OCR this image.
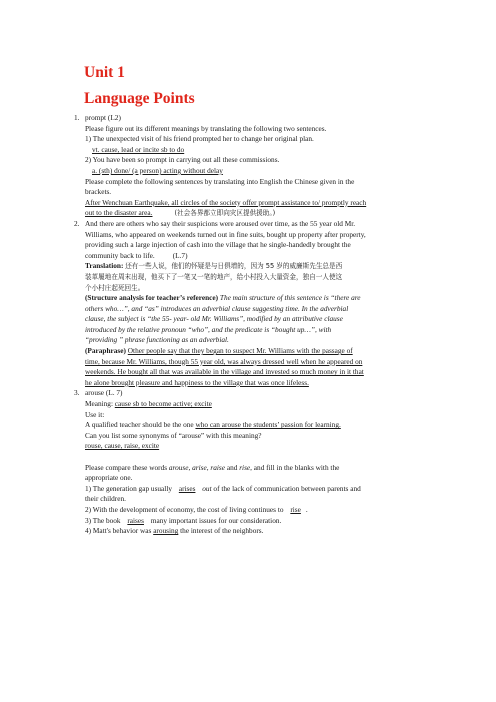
Unit 1
Language Points
1. prompt (L2)
Please figure out its different meanings by translating the following two sentences.
1) The unexpected visit of his friend prompted her to change her original plan.
vt. cause, lead or incite sb to do
2) You have been so prompt in carrying out all these commissions.
a. (sth) done/ (a person) acting without delay
Please complete the following sentences by translating into English the Chinese given in the
brackets.
After Wenchuan Earthquake, all circles of the society offer prompt assistance to/ promptly reach
out to the disaster area.	(社会各界都立即向灾区提供援助。)
2. And there are others who say their suspicions were aroused over time, as the 55 year old Mr.
Williams, who appeared on weekends turned out in fine suits, bought up property after property,
providing such a large injection of cash into the village that he single-handedly brought the
community back to life. (L.7)
Translation: 还有一些人说，他们的怀疑是与日俱增的，因为 55 岁的威廉斯先生总是西
装革履地在周末出现，他买下了一笔又一笔的地产，给小村投入大量资金，独自一人使这
个小村庄起死回生。
(Structure analysis for teacher’s reference) The main structure of this sentence is “there are
others who…”, and “as” introduces an adverbial clause suggesting time. In the adverbial
clause, the subject is “the 55- year- old Mr. Williams”, modified by an attributive clause
introduced by the relative pronoun “who”, and the predicate is “bought up…”, with
“providing ” phrase functioning as an adverbial.
(Paraphrase) Other people say that they began to suspect Mr. Williams with the passage of
time, because Mr. Williams, though 55 year old, was always dressed well when he appeared on
weekends. He bought all that was available in the village and invested so much money in it that
he alone brought pleasure and happiness to the village that was once lifeless.
3. arouse (L. 7)
Meaning: cause sb to become active; excite
Use it:
A qualified teacher should be the one who can arouse the students’ passion for learning.
Can you list some synonyms of “arouse” with this meaning?
rouse, cause, raise, excite
Please compare these words arouse, arise, raise and rise, and fill in the blanks with the
appropriate one.
1) The generation gap usually arises out of the lack of communication between parents and
their children.
2) With the development of economy, the cost of living continues to rise .
3) The book raises many important issues for our consideration.
4) Matt's behavior was arousing the interest of the neighbors.
